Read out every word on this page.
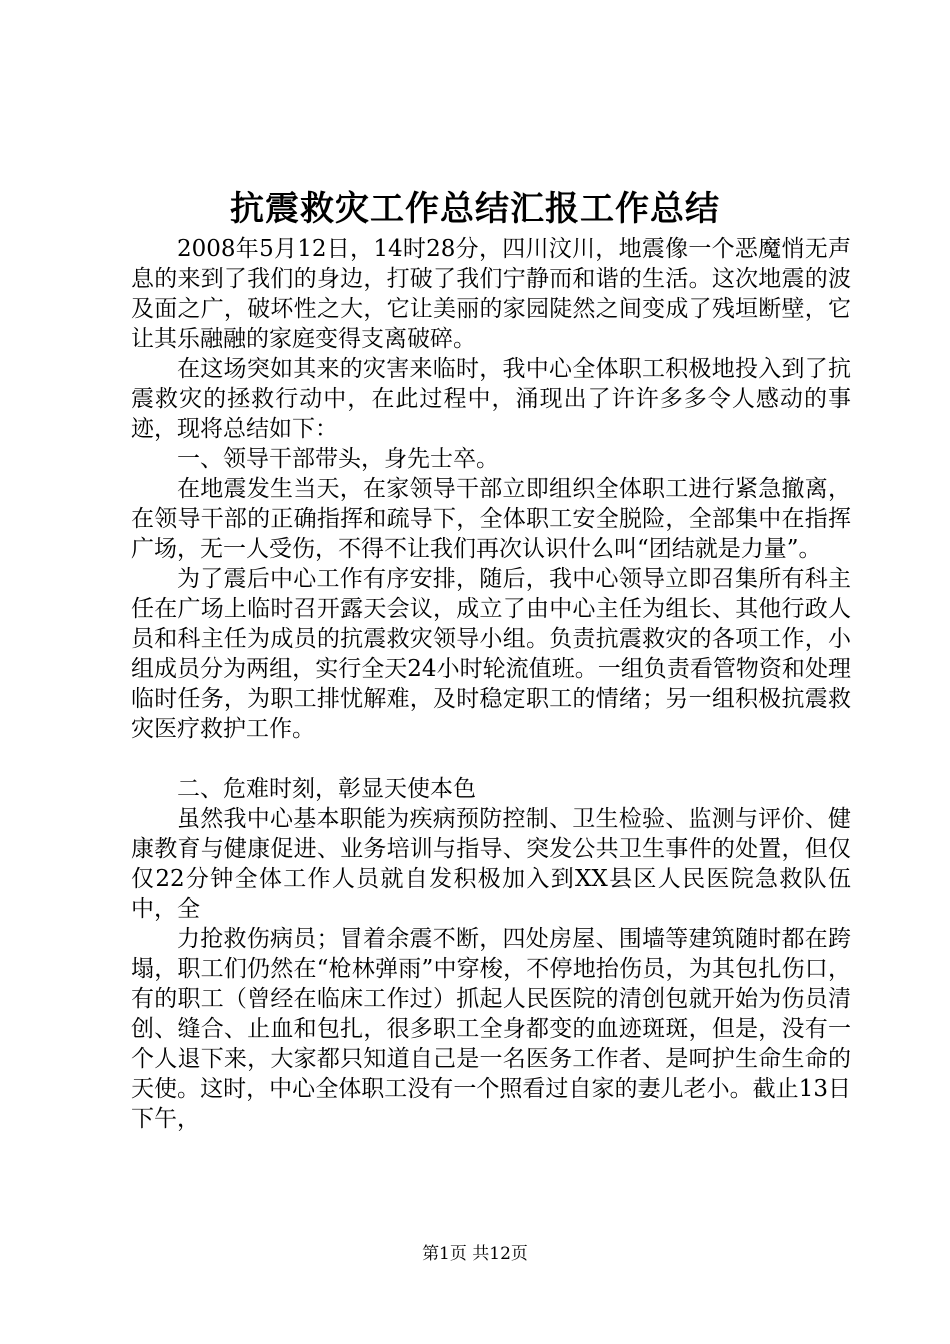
抗震救灾工作总结汇报工作总结

2008年5月12日，14时28分，四川汶川，地震像一个恶魔悄无声息的来到了我们的身边，打破了我们宁静而和谐的生活。这次地震的波及面之广，破坏性之大，它让美丽的家园陡然之间变成了残垣断壁，它让其乐融融的家庭变得支离破碎。

在这场突如其来的灾害来临时，我中心全体职工积极地投入到了抗震救灾的拯救行动中，在此过程中，涌现出了许许多多令人感动的事迹，现将总结如下：

一、领导干部带头，身先士卒。

在地震发生当天，在家领导干部立即组织全体职工进行紧急撤离，在领导干部的正确指挥和疏导下，全体职工安全脱险，全部集中在指挥广场，无一人受伤，不得不让我们再次认识什么叫“团结就是力量”。

为了震后中心工作有序安排，随后，我中心领导立即召集所有科主任在广场上临时召开露天会议，成立了由中心主任为组长、其他行政人员和科主任为成员的抗震救灾领导小组。负责抗震救灾的各项工作，小组成员分为两组，实行全天24小时轮流值班。一组负责看管物资和处理临时任务，为职工排忧解难，及时稳定职工的情绪；另一组积极抗震救灾医疗救护工作。

二、危难时刻，彰显天使本色

虽然我中心基本职能为疾病预防控制、卫生检验、监测与评价、健康教育与健康促进、业务培训与指导、突发公共卫生事件的处置，但仅仅22分钟全体工作人员就自发积极加入到XX县区人民医院急救队伍中，全

力抢救伤病员；冒着余震不断，四处房屋、围墙等建筑随时都在跨塌，职工们仍然在“枪林弹雨”中穿梭，不停地抬伤员，为其包扎伤口，有的职工（曾经在临床工作过）抓起人民医院的清创包就开始为伤员清创、缝合、止血和包扎，很多职工全身都变的血迹斑斑，但是，没有一个人退下来，大家都只知道自己是一名医务工作者、是呵护生命生命的天使。这时，中心全体职工没有一个照看过自家的妻儿老小。截止13日下午，

第1页 共12页
